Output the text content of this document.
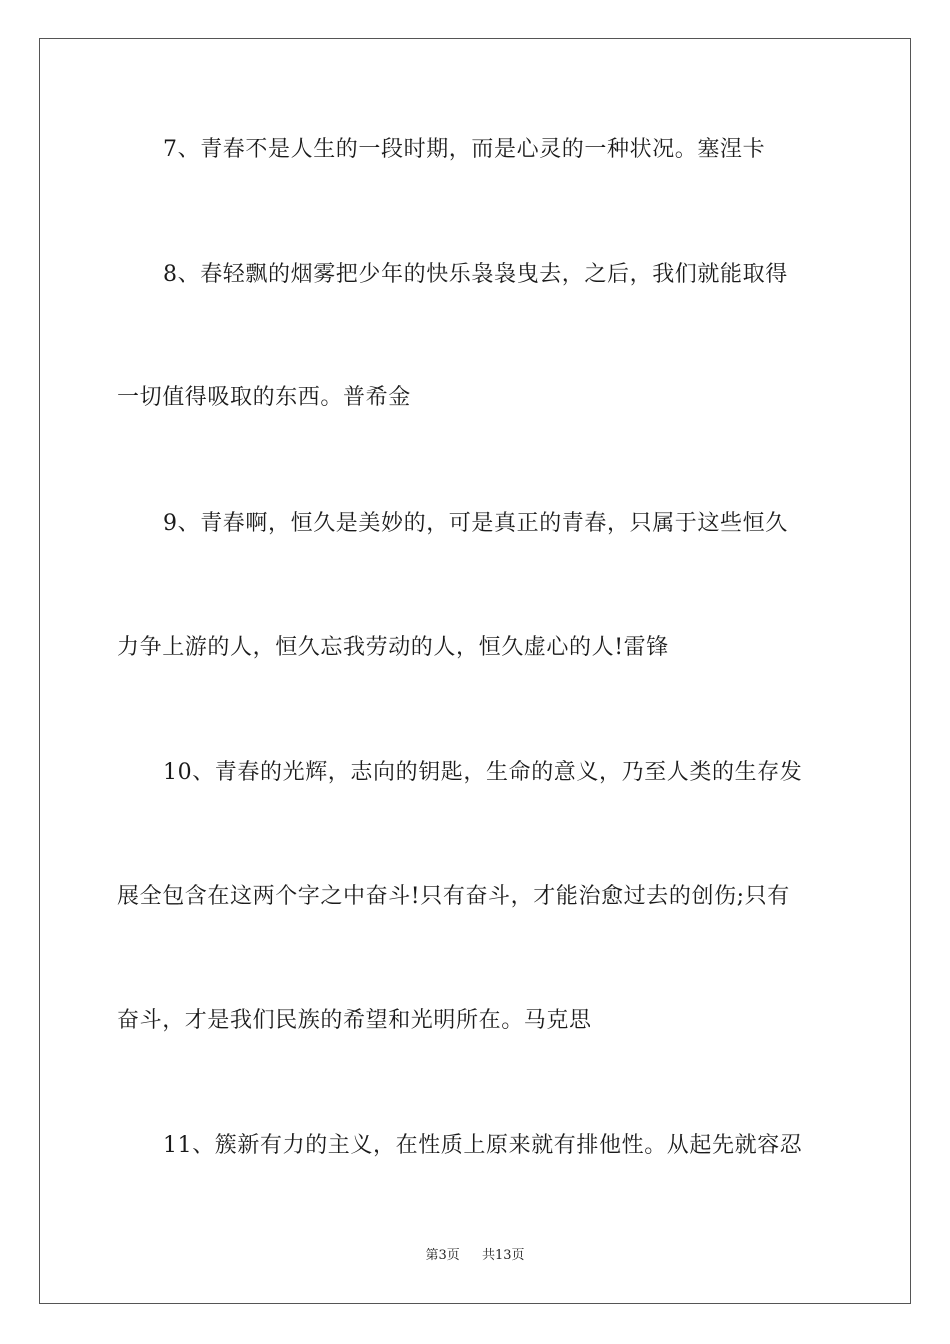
7、青春不是人生的一段时期，而是心灵的一种状况。塞涅卡
8、春轻飘的烟雾把少年的快乐袅袅曳去，之后，我们就能取得
一切值得吸取的东西。普希金
9、青春啊，恒久是美妙的，可是真正的青春，只属于这些恒久
力争上游的人，恒久忘我劳动的人，恒久虚心的人!雷锋
10、青春的光辉，志向的钥匙，生命的意义，乃至人类的生存发
展全包含在这两个字之中奋斗!只有奋斗，才能治愈过去的创伤;只有
奋斗，才是我们民族的希望和光明所在。马克思
11、簇新有力的主义，在性质上原来就有排他性。从起先就容忍
第3页 共13页
